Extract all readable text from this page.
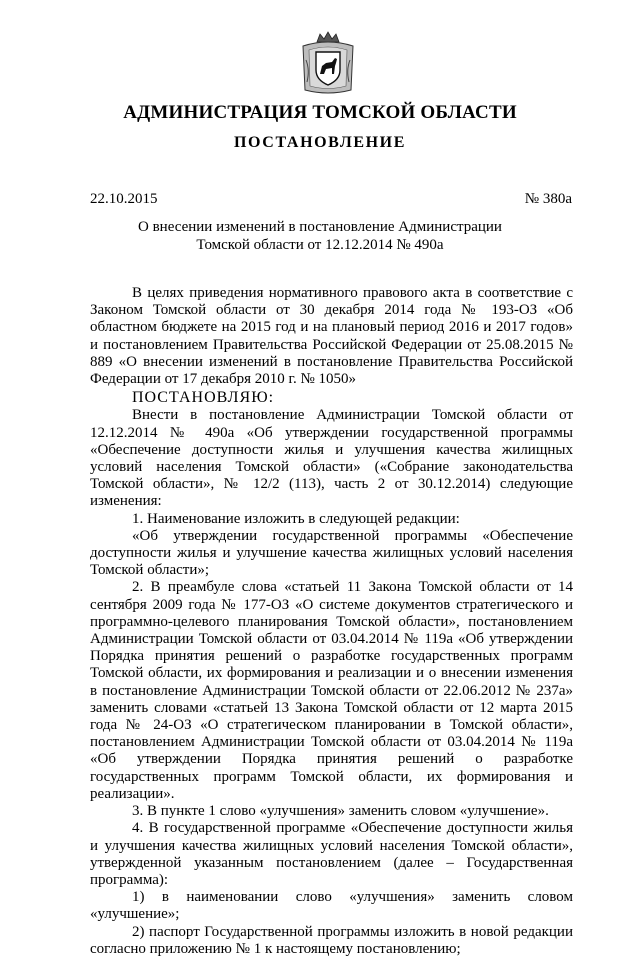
АДМИНИСТРАЦИЯ ТОМСКОЙ ОБЛАСТИ
ПОСТАНОВЛЕНИЕ
22.10.2015	№ 380а
О внесении изменений в постановление Администрации
Томской области от 12.12.2014 № 490а

В целях приведения нормативного правового акта в соответствие с Законом Томской области от 30 декабря 2014 года № 193-ОЗ «Об областном бюджете на 2015 год и на плановый период 2016 и 2017 годов» и постановлением Правительства Российской Федерации от 25.08.2015 № 889 «О внесении изменений в постановление Правительства Российской Федерации от 17 декабря 2010 г. № 1050»

ПОСТАНОВЛЯЮ:

Внести в постановление Администрации Томской области от 12.12.2014 № 490а «Об утверждении государственной программы «Обеспечение доступности жилья и улучшения качества жилищных условий населения Томской области» («Собрание законодательства Томской области», № 12/2 (113), часть 2 от 30.12.2014) следующие изменения:

1. Наименование изложить в следующей редакции:

«Об утверждении государственной программы «Обеспечение доступности жилья и улучшение качества жилищных условий населения Томской области»;

2. В преамбуле слова «статьей 11 Закона Томской области от 14 сентября 2009 года № 177-ОЗ «О системе документов стратегического и программно-целевого планирования Томской области», постановлением Администрации Томской области от 03.04.2014 № 119а «Об утверждении Порядка принятия решений о разработке государственных программ Томской области, их формирования и реализации и о внесении изменения в постановление Администрации Томской области от 22.06.2012 № 237а» заменить словами «статьей 13 Закона Томской области от 12 марта 2015 года № 24-ОЗ «О стратегическом планировании в Томской области», постановлением Администрации Томской области от 03.04.2014 № 119а «Об утверждении Порядка принятия решений о разработке государственных программ Томской области, их формирования и реализации».

3. В пункте 1 слово «улучшения» заменить словом «улучшение».

4. В государственной программе «Обеспечение доступности жилья и улучшения качества жилищных условий населения Томской области», утвержденной указанным постановлением (далее – Государственная программа):

1) в наименовании слово «улучшения» заменить словом «улучшение»;

2) паспорт Государственной программы изложить в новой редакции согласно приложению № 1 к настоящему постановлению;
